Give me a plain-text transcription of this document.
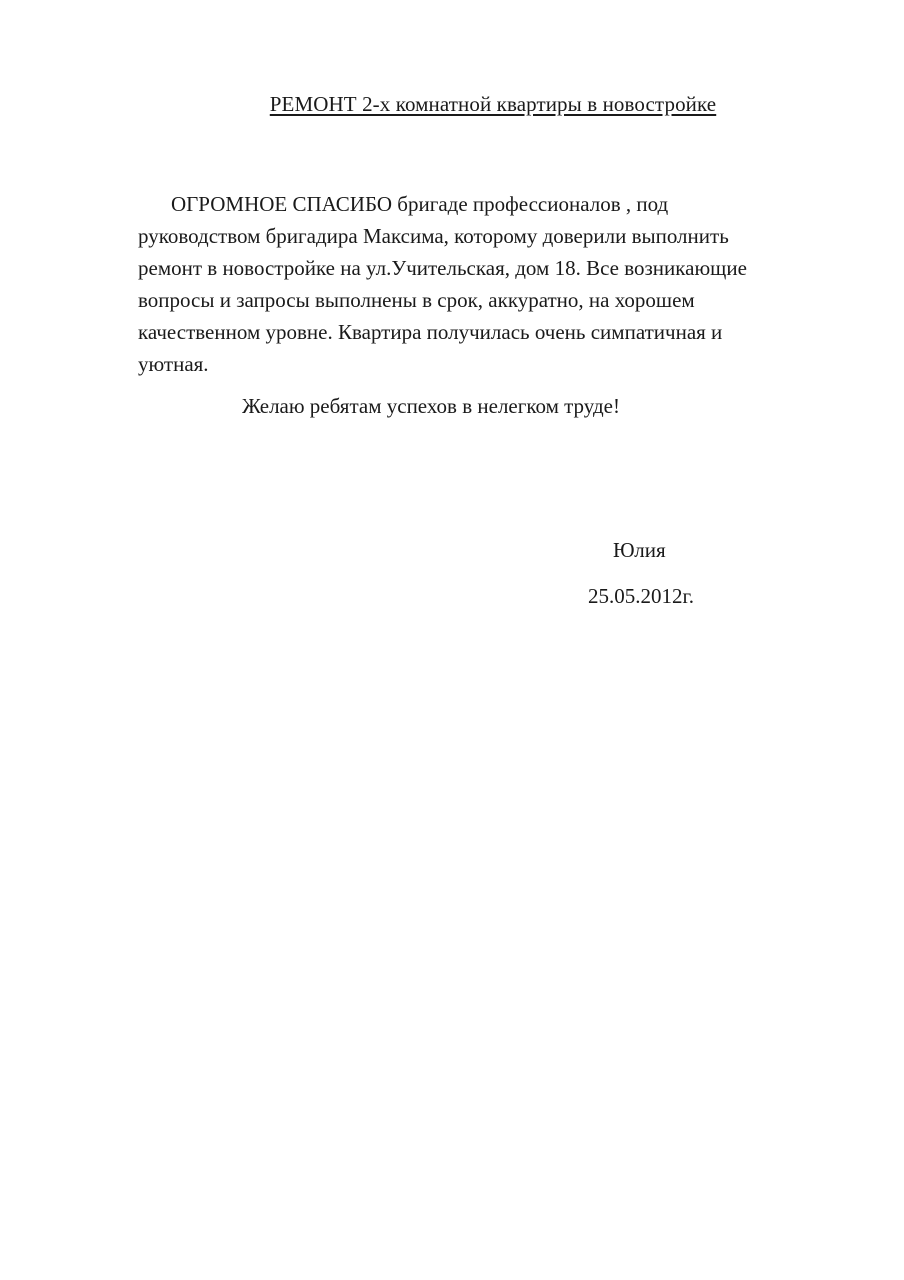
РЕМОНТ 2-х комнатной квартиры в новостройке
ОГРОМНОЕ СПАСИБО бригаде профессионалов , под
руководством бригадира Максима, которому доверили выполнить
ремонт в новостройке на ул.Учительская, дом 18. Все возникающие
вопросы и запросы выполнены в срок, аккуратно, на хорошем
качественном уровне. Квартира получилась очень симпатичная и
уютная.
Желаю ребятам успехов в нелегком труде!
Юлия
25.05.2012г.
